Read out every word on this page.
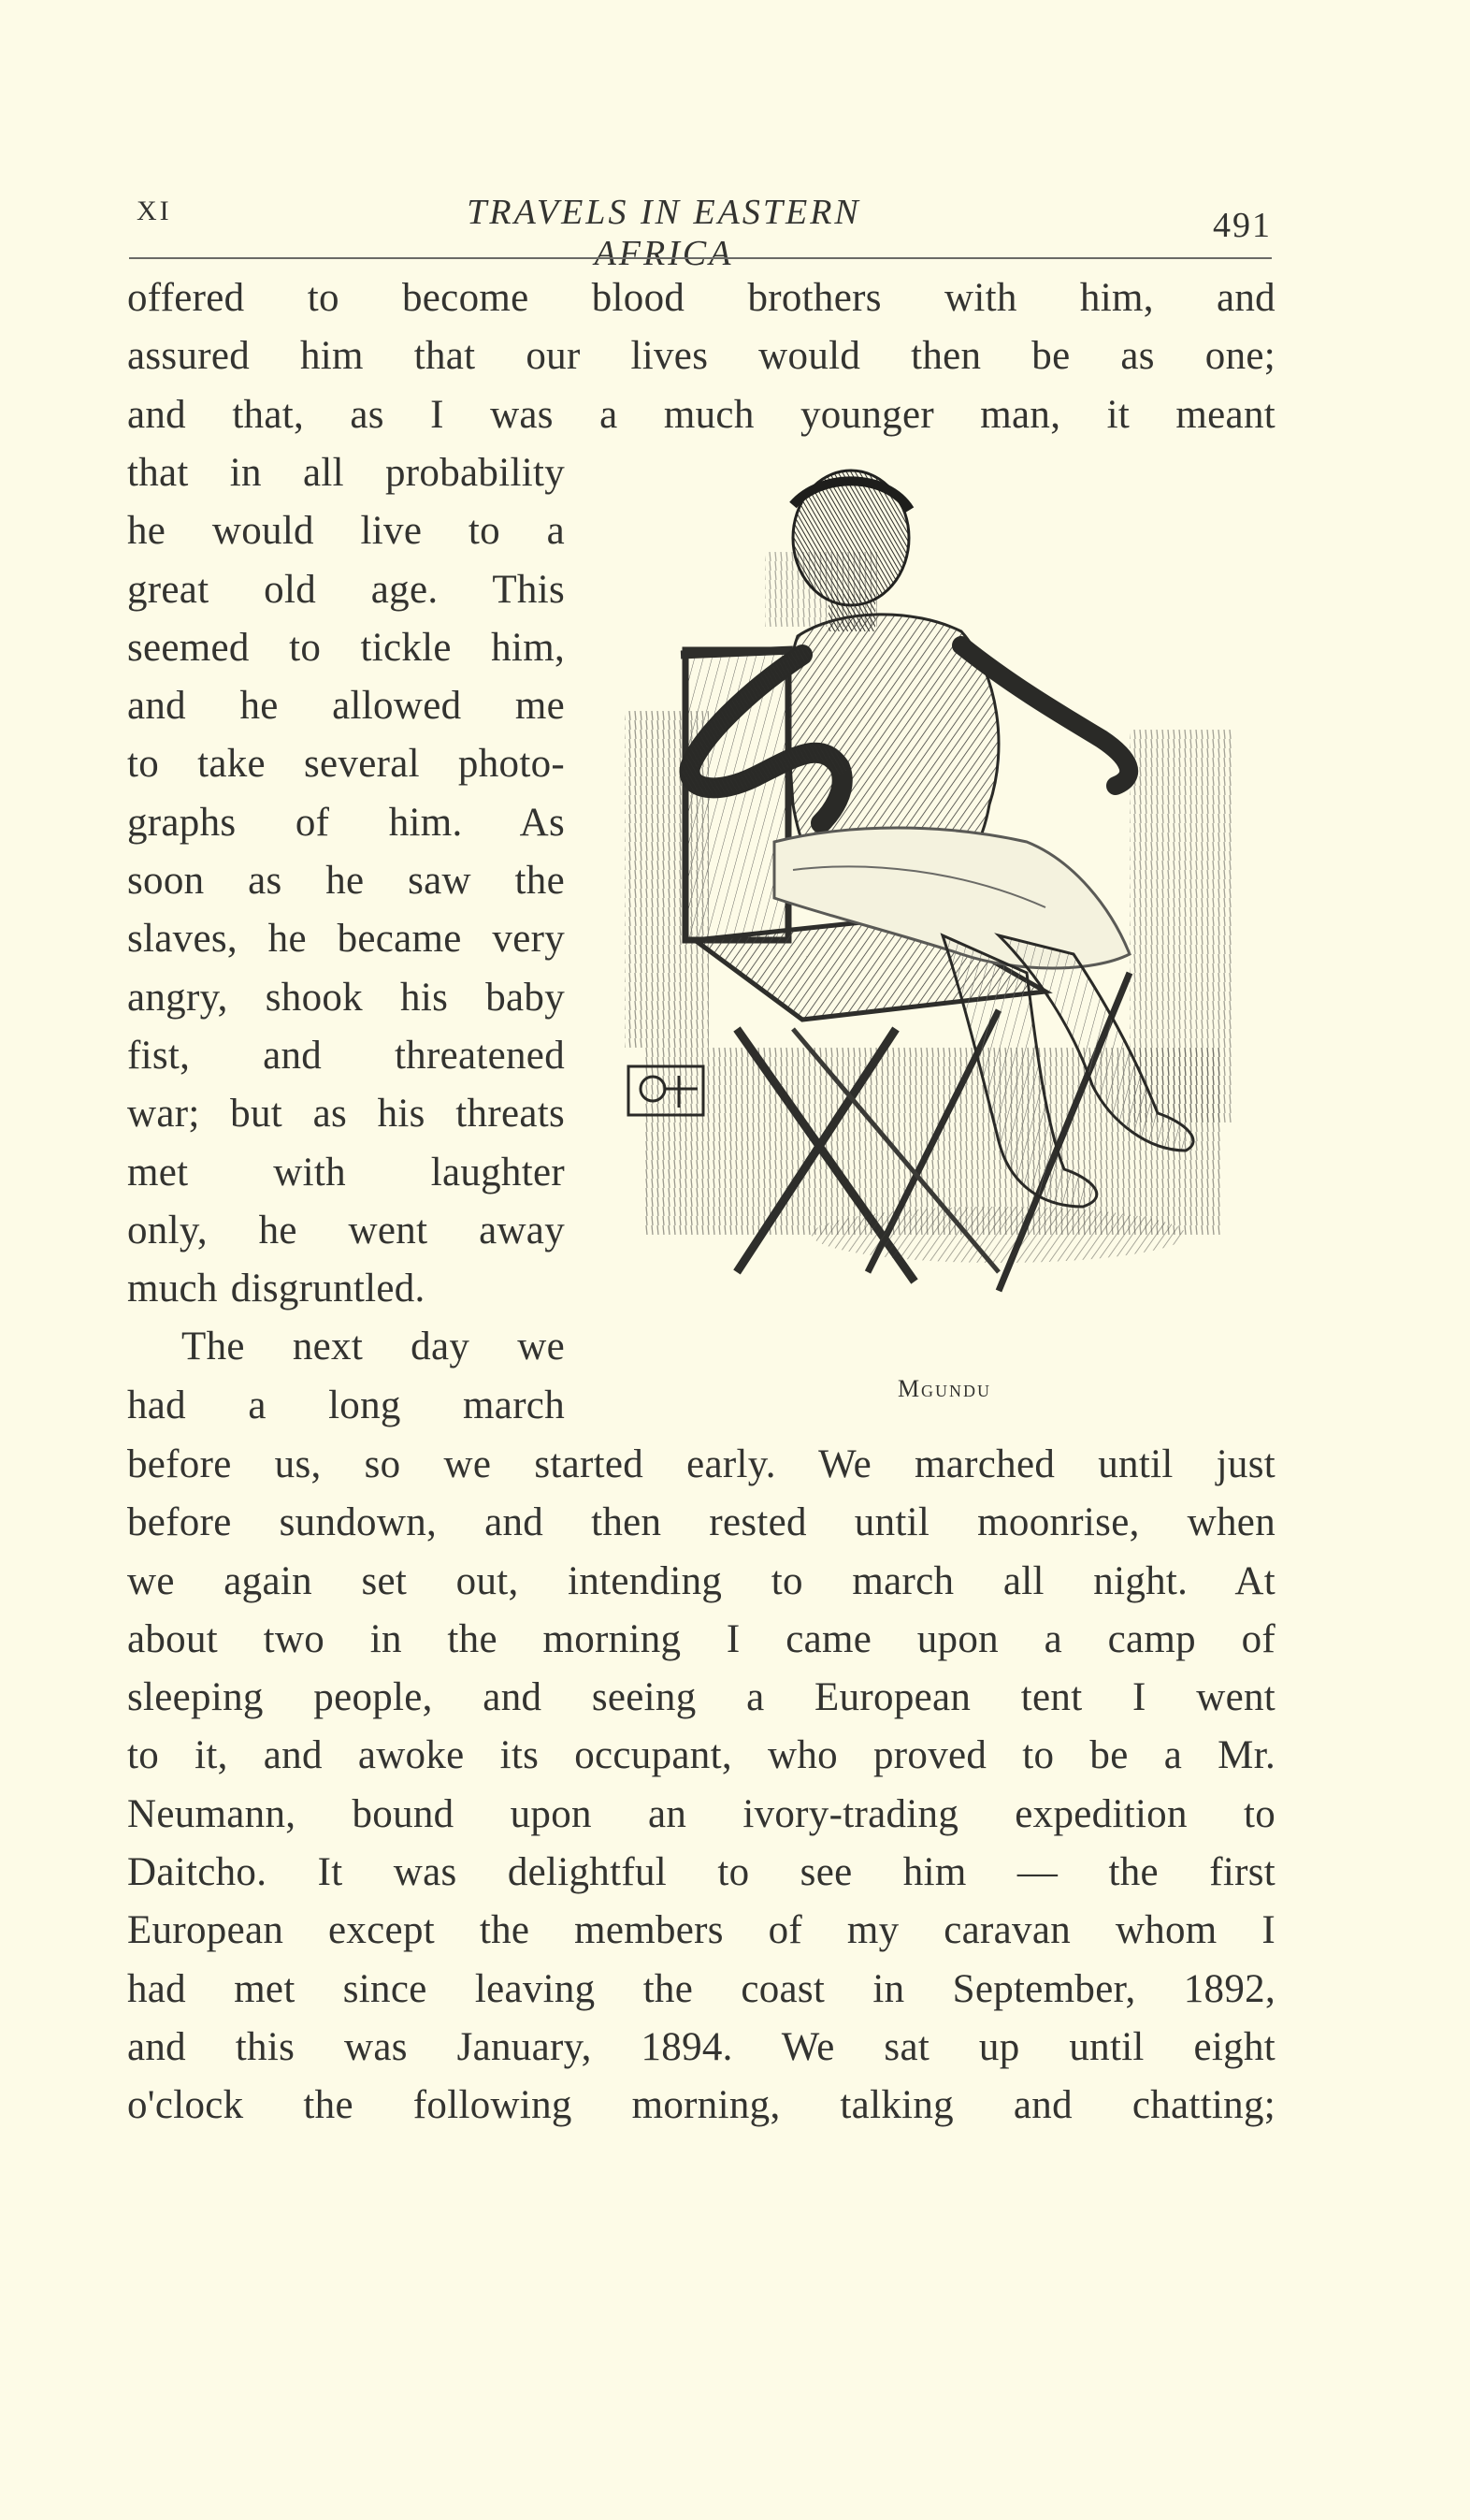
XI	TRAVELS IN EASTERN AFRICA
491
offered to become blood brothers with him, and
assured him that our lives would then be as one;
and that, as I was a much younger man, it meant
that in all probability
he would live to a
great old age. This
seemed to tickle him,
and he allowed me
to take several photo-
graphs of him. As
soon as he saw the
slaves, he became very
angry, shook his baby
fist, and threatened
war; but as his threats
met with laughter
only, he went away
much disgruntled.
The next day we
had a long march
before us, so we started early. We marched until just
before sundown, and then rested until moonrise, when
we again set out, intending to march all night. At
about two in the morning I came upon a camp of
sleeping people, and seeing a European tent I went
to it, and awoke its occupant, who proved to be a Mr.
Neumann, bound upon an ivory-trading expedition to
Daitcho. It was delightful to see him — the first
European except the members of my caravan whom I
had met since leaving the coast in September, 1892,
and this was January, 1894. We sat up until eight
o'clock the following morning, talking and chatting;
Mgundu
